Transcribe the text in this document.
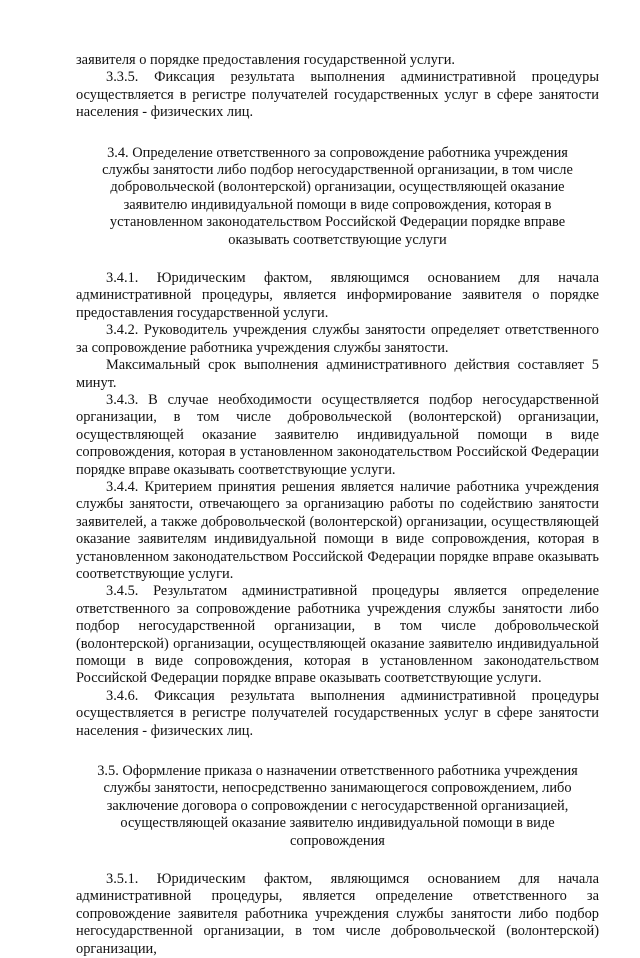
заявителя о порядке предоставления государственной услуги.

3.3.5. Фиксация результата выполнения административной процедуры осуществляется в регистре получателей государственных услуг в сфере занятости населения - физических лиц.

3.4. Определение ответственного за сопровождение работника учреждения службы занятости либо подбор негосударственной организации, в том числе добровольческой (волонтерской) организации, осуществляющей оказание заявителю индивидуальной помощи в виде сопровождения, которая в установленном законодательством Российской Федерации порядке вправе оказывать соответствующие услуги

3.4.1. Юридическим фактом, являющимся основанием для начала административной процедуры, является информирование заявителя о порядке предоставления государственной услуги.

3.4.2. Руководитель учреждения службы занятости определяет ответственного за сопровождение работника учреждения службы занятости.

Максимальный срок выполнения административного действия составляет 5 минут.

3.4.3. В случае необходимости осуществляется подбор негосударственной организации, в том числе добровольческой (волонтерской) организации, осуществляющей оказание заявителю индивидуальной помощи в виде сопровождения, которая в установленном законодательством Российской Федерации порядке вправе оказывать соответствующие услуги.

3.4.4. Критерием принятия решения является наличие работника учреждения службы занятости, отвечающего за организацию работы по содействию занятости заявителей, а также добровольческой (волонтерской) организации, осуществляющей оказание заявителям индивидуальной помощи в виде сопровождения, которая в установленном законодательством Российской Федерации порядке вправе оказывать соответствующие услуги.

3.4.5. Результатом административной процедуры является определение ответственного за сопровождение работника учреждения службы занятости либо подбор негосударственной организации, в том числе добровольческой (волонтерской) организации, осуществляющей оказание заявителю индивидуальной помощи в виде сопровождения, которая в установленном законодательством Российской Федерации порядке вправе оказывать соответствующие услуги.

3.4.6. Фиксация результата выполнения административной процедуры осуществляется в регистре получателей государственных услуг в сфере занятости населения - физических лиц.

3.5. Оформление приказа о назначении ответственного работника учреждения службы занятости, непосредственно занимающегося сопровождением, либо заключение договора о сопровождении с негосударственной организацией, осуществляющей оказание заявителю индивидуальной помощи в виде сопровождения

3.5.1. Юридическим фактом, являющимся основанием для начала административной процедуры, является определение ответственного за сопровождение заявителя работника учреждения службы занятости либо подбор негосударственной организации, в том числе добровольческой (волонтерской) организации,
